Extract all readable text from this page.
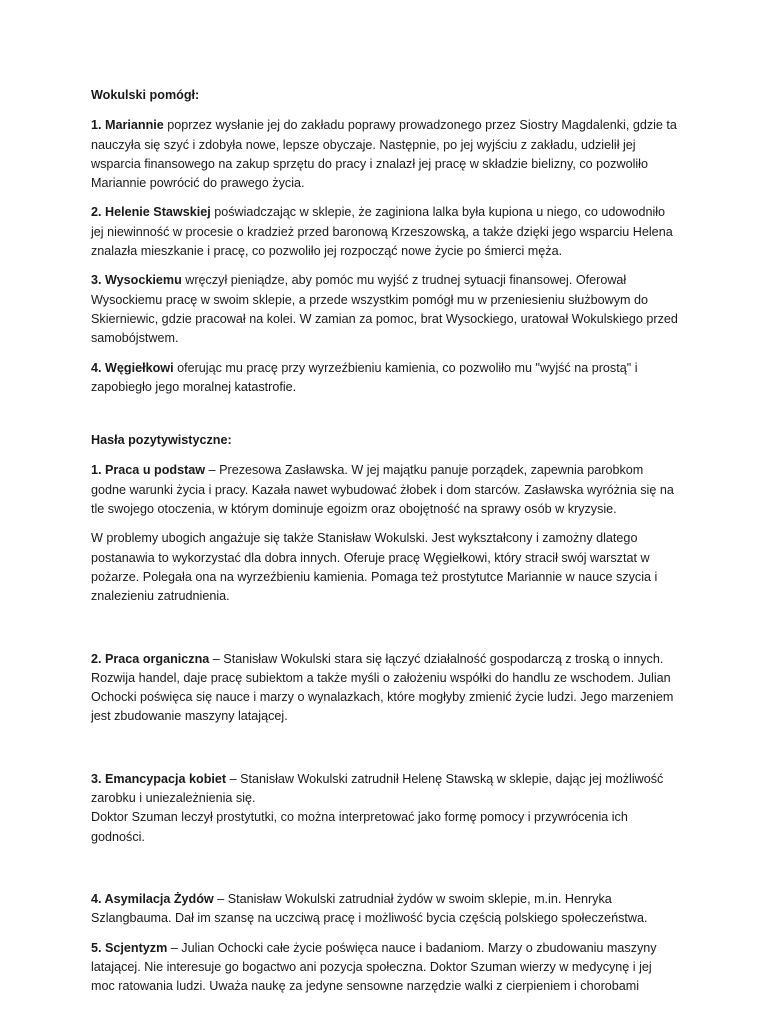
Wokulski pomógł:

1. Mariannie poprzez wysłanie jej do zakładu poprawy prowadzonego przez Siostry Magdalenki, gdzie ta nauczyła się szyć i zdobyła nowe, lepsze obyczaje. Następnie, po jej wyjściu z zakładu, udzielił jej wsparcia finansowego na zakup sprzętu do pracy i znalazł jej pracę w składzie bielizny, co pozwoliło Mariannie powrócić do prawego życia.

2. Helenie Stawskiej poświadczając w sklepie, że zaginiona lalka była kupiona u niego, co udowodniło jej niewinność w procesie o kradzież przed baronową Krzeszowską, a także dzięki jego wsparciu Helena znalazła mieszkanie i pracę, co pozwoliło jej rozpocząć nowe życie po śmierci męża.

3. Wysockiemu wręczył pieniądze, aby pomóc mu wyjść z trudnej sytuacji finansowej. Oferował Wysockiemu pracę w swoim sklepie, a przede wszystkim pomógł mu w przeniesieniu służbowym do Skierniewic, gdzie pracował na kolei. W zamian za pomoc, brat Wysockiego, uratował Wokulskiego przed samobójstwem.

4. Węgiełkowi oferując mu pracę przy wyrzeźbieniu kamienia, co pozwoliło mu "wyjść na prostą" i zapobiegło jego moralnej katastrofie.

Hasła pozytywistyczne:

1. Praca u podstaw – Prezesowa Zasławska. W jej majątku panuje porządek, zapewnia parobkom godne warunki życia i pracy. Kazała nawet wybudować żłobek i dom starców. Zasławska wyróżnia się na tle swojego otoczenia, w którym dominuje egoizm oraz obojętność na sprawy osób w kryzysie.

W problemy ubogich angażuje się także Stanisław Wokulski. Jest wykształcony i zamożny dlatego postanawia to wykorzystać dla dobra innych. Oferuje pracę Węgiełkowi, który stracił swój warsztat w pożarze. Polegała ona na wyrzeźbieniu kamienia. Pomaga też prostytutce Mariannie w nauce szycia i znalezieniu zatrudnienia.

2. Praca organiczna – Stanisław Wokulski stara się łączyć działalność gospodarczą z troską o innych. Rozwija handel, daje pracę subiektom a także myśli o założeniu współki do handlu ze wschodem. Julian Ochocki poświęca się nauce i marzy o wynalazkach, które mogłyby zmienić życie ludzi. Jego marzeniem jest zbudowanie maszyny latającej.

3. Emancypacja kobiet – Stanisław Wokulski zatrudnił Helenę Stawską w sklepie, dając jej możliwość zarobku i uniezależnienia się.

Doktor Szuman leczył prostytutki, co można interpretować jako formę pomocy i przywrócenia ich godności.

4. Asymilacja Żydów – Stanisław Wokulski zatrudniał żydów w swoim sklepie, m.in. Henryka Szlangbauma. Dał im szansę na uczciwą pracę i możliwość bycia częścią polskiego społeczeństwa.

5. Scjentyzm – Julian Ochocki całe życie poświęca nauce i badaniom. Marzy o zbudowaniu maszyny latającej. Nie interesuje go bogactwo ani pozycja społeczna. Doktor Szuman wierzy w medycynę i jej moc ratowania ludzi. Uważa naukę za jedyne sensowne narzędzie walki z cierpieniem i chorobami
